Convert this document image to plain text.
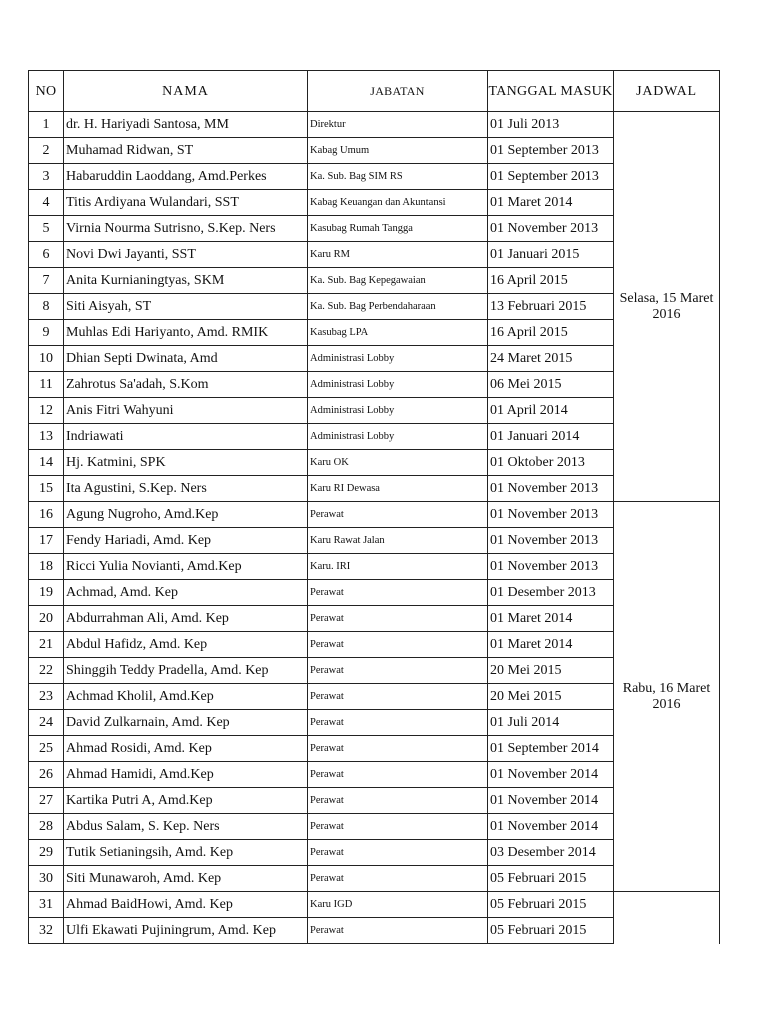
NO	NAMA	JABATAN	TANGGAL MASUK	JADWAL
1	dr. H. Hariyadi Santosa, MM	Direktur	01 Juli 2013	Selasa, 15 Maret 2016
2	Muhamad Ridwan, ST	Kabag Umum	01 September 2013	
3	Habaruddin Laoddang, Amd.Perkes	Ka. Sub. Bag SIM RS	01 September 2013	
4	Titis Ardiyana Wulandari, SST	Kabag Keuangan dan Akuntansi	01 Maret 2014	
5	Virnia Nourma Sutrisno, S.Kep. Ners	Kasubag Rumah Tangga	01 November 2013	
6	Novi Dwi Jayanti, SST	Karu RM	01 Januari 2015	
7	Anita Kurnianingtyas, SKM	Ka. Sub. Bag Kepegawaian	16 April 2015	
8	Siti Aisyah, ST	Ka. Sub. Bag Perbendaharaan	13 Februari 2015	
9	Muhlas Edi Hariyanto, Amd. RMIK	Kasubag LPA	16 April 2015	
10	Dhian Septi Dwinata, Amd	Administrasi Lobby	24 Maret 2015	
11	Zahrotus Sa'adah, S.Kom	Administrasi Lobby	06 Mei 2015	
12	Anis Fitri Wahyuni	Administrasi Lobby	01 April 2014	
13	Indriawati	Administrasi Lobby	01 Januari 2014	
14	Hj. Katmini, SPK	Karu OK	01 Oktober 2013	
15	Ita Agustini, S.Kep. Ners	Karu RI Dewasa	01 November 2013	
16	Agung Nugroho, Amd.Kep	Perawat	01 November 2013	Rabu, 16 Maret 2016
17	Fendy Hariadi, Amd. Kep	Karu Rawat Jalan	01 November 2013	
18	Ricci Yulia Novianti, Amd.Kep	Karu. IRI	01 November 2013	
19	Achmad, Amd. Kep	Perawat	01 Desember 2013	
20	Abdurrahman Ali, Amd. Kep	Perawat	01 Maret 2014	
21	Abdul Hafidz, Amd. Kep	Perawat	01 Maret 2014	
22	Shinggih Teddy Pradella, Amd. Kep	Perawat	20 Mei 2015	
23	Achmad Kholil, Amd.Kep	Perawat	20 Mei 2015	
24	David Zulkarnain, Amd. Kep	Perawat	01 Juli 2014	
25	Ahmad Rosidi, Amd. Kep	Perawat	01 September 2014	
26	Ahmad Hamidi, Amd.Kep	Perawat	01 November 2014	
27	Kartika Putri A, Amd.Kep	Perawat	01 November 2014	
28	Abdus Salam, S. Kep. Ners	Perawat	01 November 2014	
29	Tutik Setianingsih, Amd. Kep	Perawat	03 Desember 2014	
30	Siti Munawaroh, Amd. Kep	Perawat	05 Februari 2015	
31	Ahmad BaidHowi, Amd. Kep	Karu IGD	05 Februari 2015	
32	Ulfi Ekawati Pujiningrum, Amd. Kep	Perawat	05 Februari 2015	
